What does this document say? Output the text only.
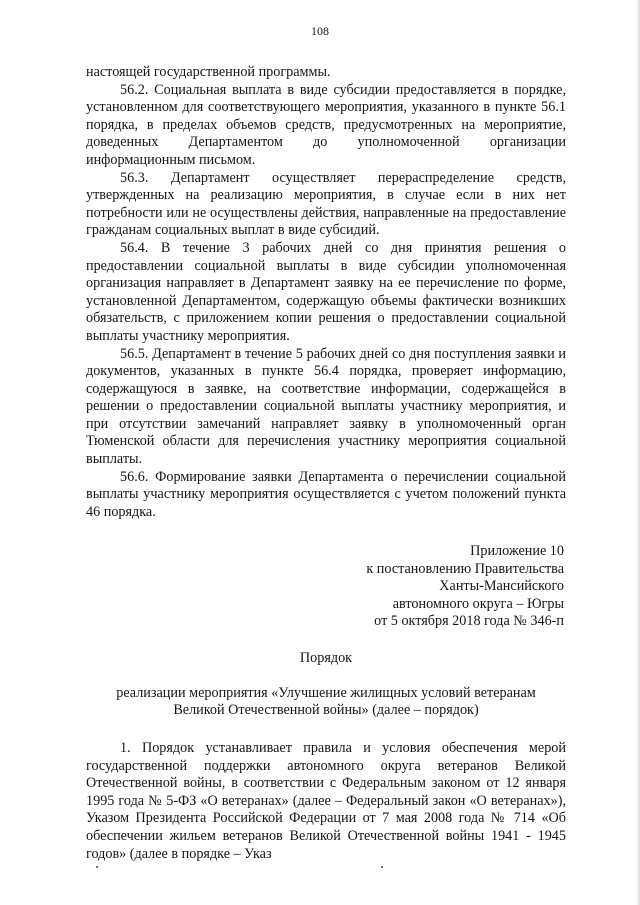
108

настоящей государственной программы.

56.2. Социальная выплата в виде субсидии предоставляется в порядке, установленном для соответствующего мероприятия, указанного в пункте 56.1 порядка, в пределах объемов средств, предусмотренных на мероприятие, доведенных Департаментом до уполномоченной организации информационным письмом.

56.3. Департамент осуществляет перераспределение средств, утвержденных на реализацию мероприятия, в случае если в них нет потребности или не осуществлены действия, направленные на предоставление гражданам социальных выплат в виде субсидий.

56.4. В течение 3 рабочих дней со дня принятия решения о предоставлении социальной выплаты в виде субсидии уполномоченная организация направляет в Департамент заявку на ее перечисление по форме, установленной Департаментом, содержащую объемы фактически возникших обязательств, с приложением копии решения о предоставлении социальной выплаты участнику мероприятия.

56.5. Департамент в течение 5 рабочих дней со дня поступления заявки и документов, указанных в пункте 56.4 порядка, проверяет информацию, содержащуюся в заявке, на соответствие информации, содержащейся в решении о предоставлении социальной выплаты участнику мероприятия, и при отсутствии замечаний направляет заявку в уполномоченный орган Тюменской области для перечисления участнику мероприятия социальной выплаты.

56.6. Формирование заявки Департамента о перечислении социальной выплаты участнику мероприятия осуществляется с учетом положений пункта 46 порядка.

Приложение 10
к постановлению Правительства
Ханты-Мансийского
автономного округа – Югры
от 5 октября 2018 года № 346-п
Порядок
реализации мероприятия «Улучшение жилищных условий ветеранам
Великой Отечественной войны» (далее – порядок)

1. Порядок устанавливает правила и условия обеспечения мерой государственной поддержки автономного округа ветеранов Великой Отечественной войны, в соответствии с Федеральным законом от 12 января 1995 года № 5-ФЗ «О ветеранах» (далее – Федеральный закон «О ветеранах»), Указом Президента Российской Федерации от 7 мая 2008 года № 714 «Об обеспечении жильем ветеранов Великой Отечественной войны 1941 - 1945 годов» (далее в порядке – Указ
